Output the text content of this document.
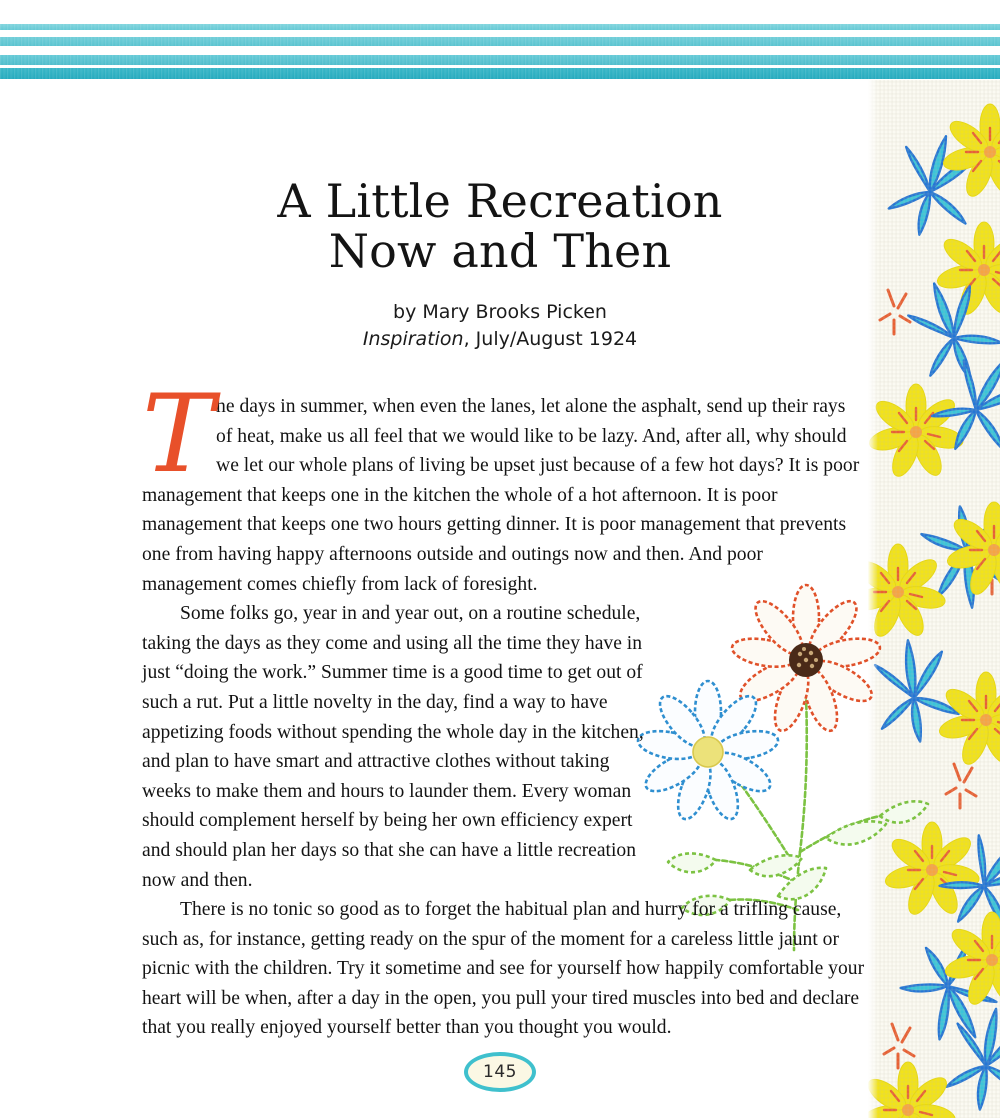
A Little Recreation
Now and Then
by Mary Brooks Picken
Inspiration, July/August 1924

The days in summer, when even the lanes, let alone the asphalt, send up their rays of heat, make us all feel that we would like to be lazy. And, after all, why should we let our whole plans of living be upset just because of a few hot days? It is poor management that keeps one in the kitchen the whole of a hot afternoon. It is poor management that keeps one two hours getting dinner. It is poor management that prevents one from having happy afternoons outside and outings now and then. And poor management comes chiefly from lack of foresight.

Some folks go, year in and year out, on a routine schedule, taking the days as they come and using all the time they have in just “doing the work.” Summer time is a good time to get out of such a rut. Put a little novelty in the day, find a way to have appetizing foods without spending the whole day in the kitchen, and plan to have smart and attractive clothes without taking weeks to make them and hours to launder them. Every woman should complement herself by being her own efficiency expert and should plan her days so that she can have a little recreation now and then.

There is no tonic so good as to forget the habitual plan and hurry for a trifling cause, such as, for instance, getting ready on the spur of the moment for a careless little jaunt or picnic with the children. Try it sometime and see for yourself how happily comfortable your heart will be when, after a day in the open, you pull your tired muscles into bed and declare that you really enjoyed yourself better than you thought you would.

145
